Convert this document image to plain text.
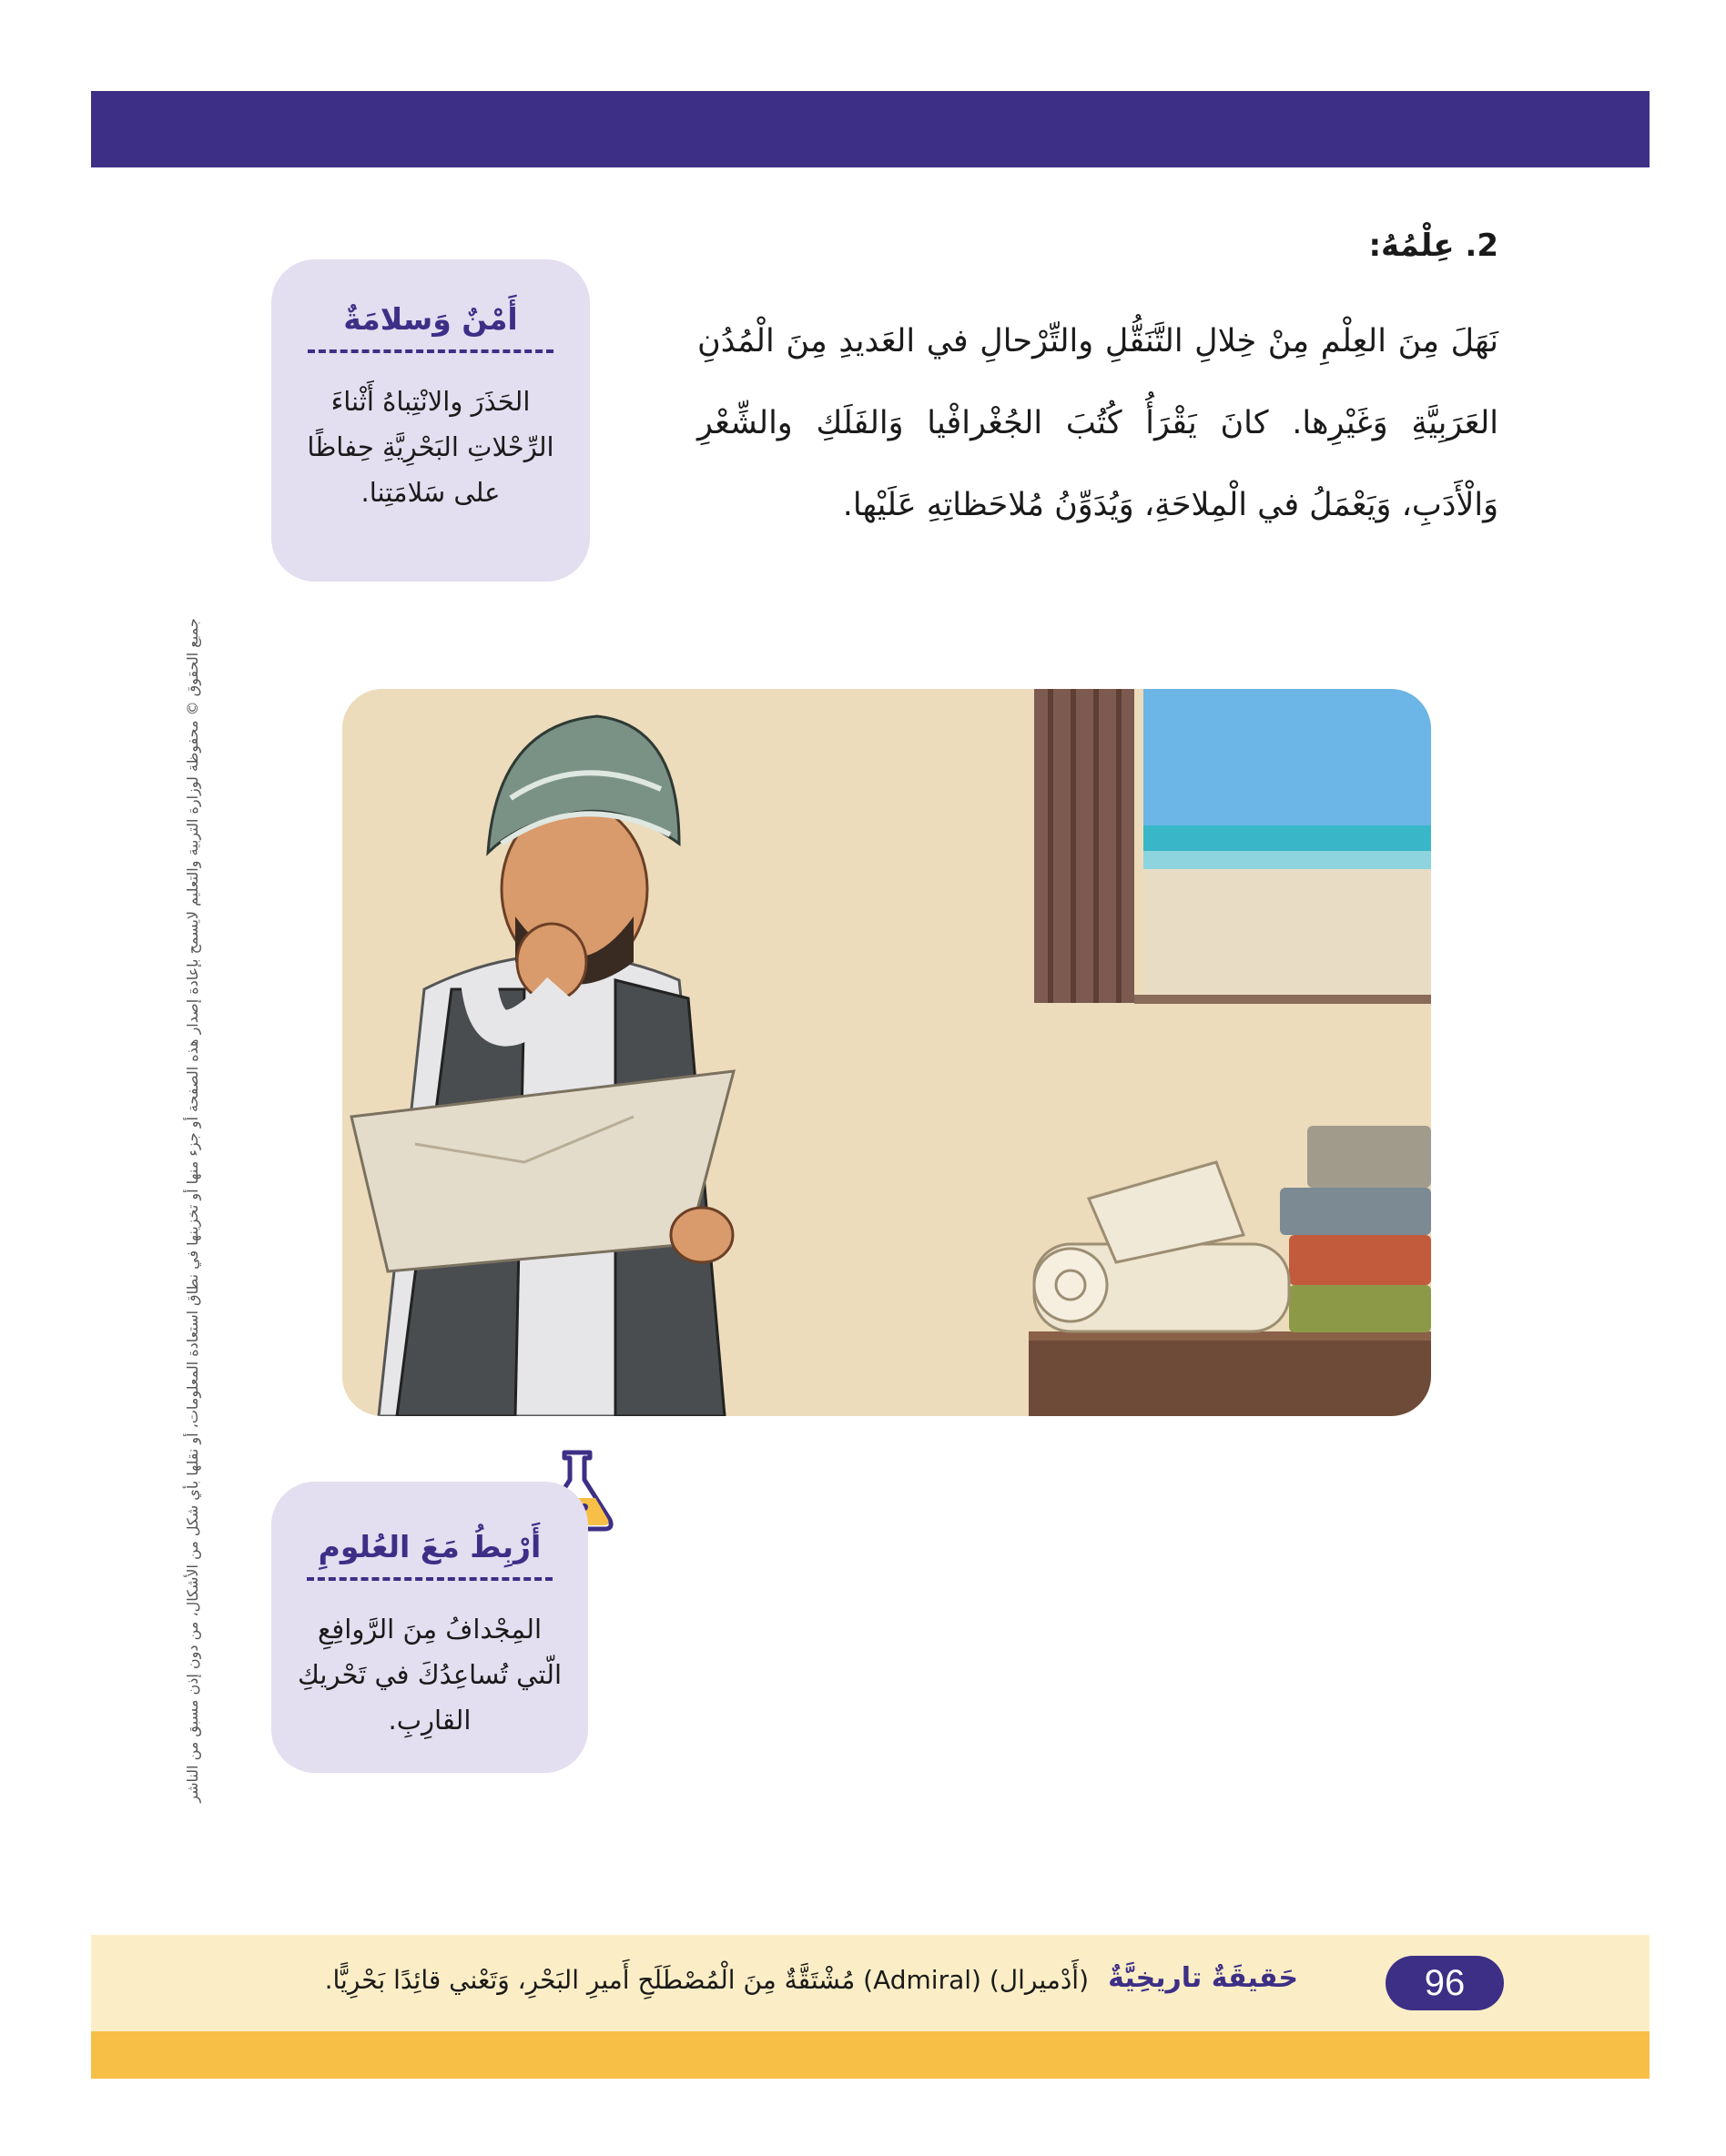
2. عِلْمُهُ:

نَهَلَ مِنَ العِلْمِ مِنْ خِلالِ التَّنَقُّلِ والتِّرْحالِ في العَديدِ مِنَ الْمُدُنِ العَرَبِيَّةِ وَغَيْرِها. كانَ يَقْرَأُ كُتُبَ الجُغْرافْيا وَالفَلَكِ والشِّعْرِ وَالْأَدَبِ، وَيَعْمَلُ في الْمِلاحَةِ، وَيُدَوِّنُ مُلاحَظاتِهِ عَلَيْها.

أَمْنٌ وَسلامَةٌ

الحَذَرَ والانْتِباهُ أَثْناءَ الرِّحْلاتِ البَحْرِيَّةِ حِفاظًا على سَلامَتِنا.

أَرْبِطُ مَعَ العُلومِ

المِجْدافُ مِنَ الرَّوافِعِ الّتي تُساعِدُكَ في تَحْريكِ القارِبِ.

جميع الحقوق © محفوظة لوزارة التربية والتعليم لايسمح بإعادة إصدار هذه الصفحة أو جزء منها أو تخزينها في نطاق استعادة المعلومات، أو نقلها بأي شكل من الأشكال، من دون إذن مسبق من الناشر
حَقيقَةٌ تاريخِيَّةٌ
(أَدْميرال) (Admiral) مُشْتَقَّةٌ مِنَ الْمُصْطَلَحِ أَميرِ البَحْرِ، وَتَعْني قائِدًا بَحْرِيًّا.	96
